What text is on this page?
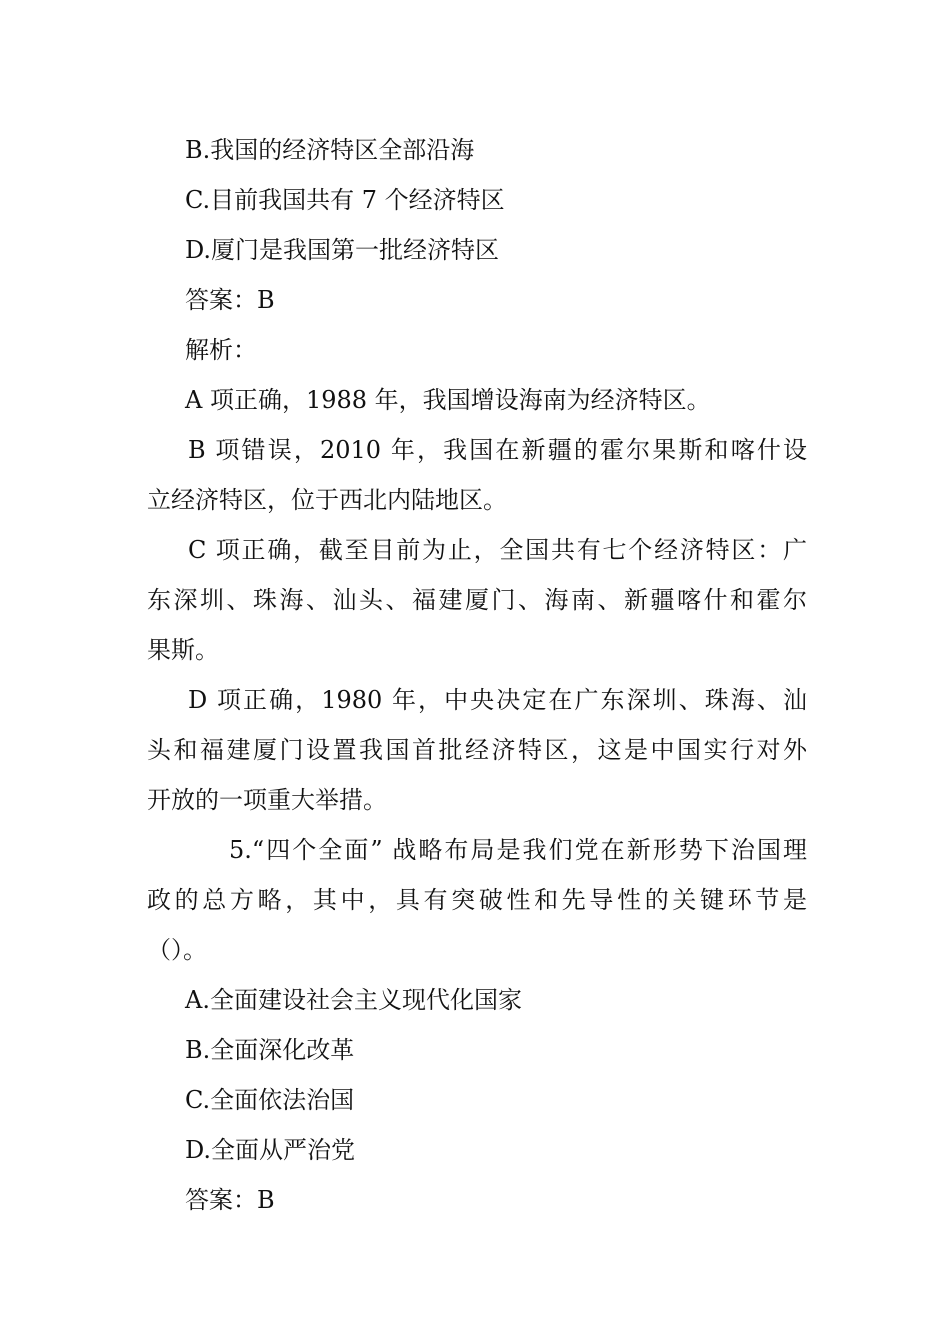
B.我国的经济特区全部沿海
C.目前我国共有 7 个经济特区
D.厦门是我国第一批经济特区
答案：B
解析：
A 项正确，1988 年，我国增设海南为经济特区。
B 项错误，2010 年，我国在新疆的霍尔果斯和喀什设
立经济特区，位于西北内陆地区。
C 项正确，截至目前为止，全国共有七个经济特区：广
东深圳、珠海、汕头、福建厦门、海南、新疆喀什和霍尔
果斯。
D 项正确，1980 年，中央决定在广东深圳、珠海、汕
头和福建厦门设置我国首批经济特区，这是中国实行对外
开放的一项重大举措。
5.“四个全面” 战略布局是我们党在新形势下治国理
政的总方略，其中，具有突破性和先导性的关键环节是
（）。
A.全面建设社会主义现代化国家
B.全面深化改革
C.全面依法治国
D.全面从严治党
答案：B
